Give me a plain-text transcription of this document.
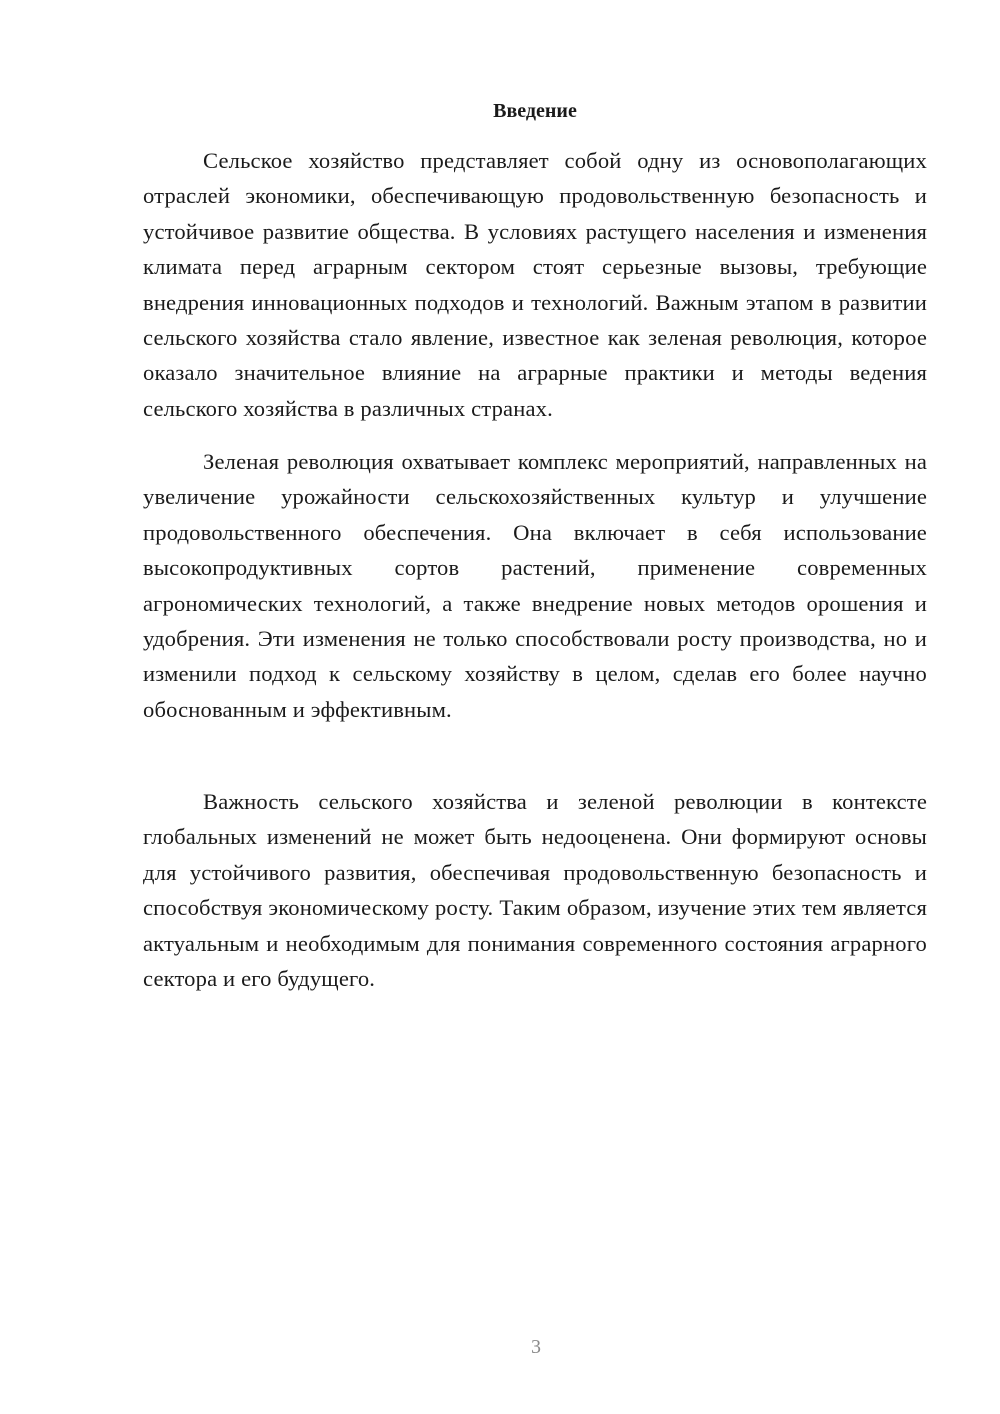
Введение

Сельское хозяйство представляет собой одну из основополагающих отраслей экономики, обеспечивающую продовольственную безопасность и устойчивое развитие общества. В условиях растущего населения и изменения климата перед аграрным сектором стоят серьезные вызовы, требующие внедрения инновационных подходов и технологий. Важным этапом в развитии сельского хозяйства стало явление, известное как зеленая революция, которое оказало значительное влияние на аграрные практики и методы ведения сельского хозяйства в различных странах.

Зеленая революция охватывает комплекс мероприятий, направленных на увеличение урожайности сельскохозяйственных культур и улучшение продовольственного обеспечения. Она включает в себя использование высокопродуктивных сортов растений, применение современных агрономических технологий, а также внедрение новых методов орошения и удобрения. Эти изменения не только способствовали росту производства, но и изменили подход к сельскому хозяйству в целом, сделав его более научно обоснованным и эффективным.

Важность сельского хозяйства и зеленой революции в контексте глобальных изменений не может быть недооценена. Они формируют основы для устойчивого развития, обеспечивая продовольственную безопасность и способствуя экономическому росту. Таким образом, изучение этих тем является актуальным и необходимым для понимания современного состояния аграрного сектора и его будущего.

3
